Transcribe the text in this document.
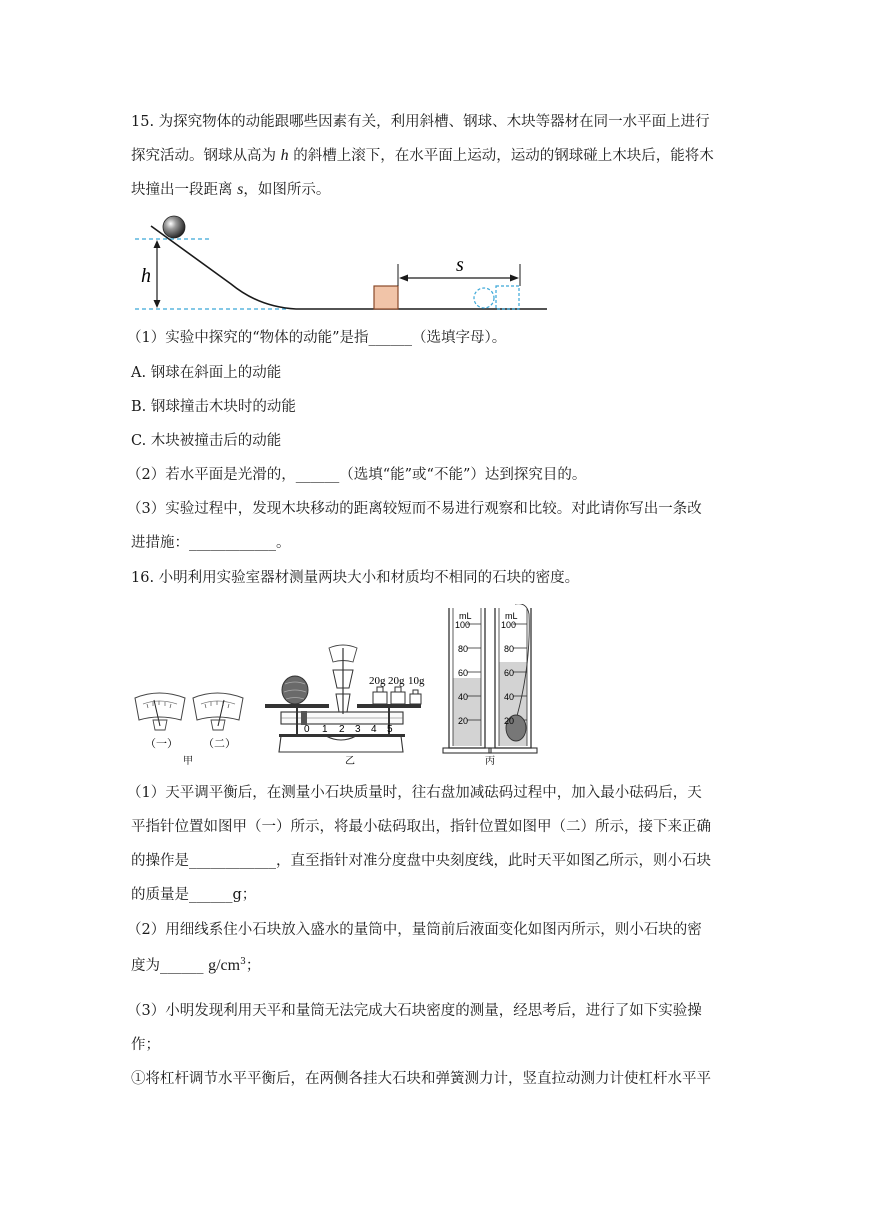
15. 为探究物体的动能跟哪些因素有关，利用斜槽、钢球、木块等器材在同一水平面上进行
探究活动。钢球从高为 h 的斜槽上滚下，在水平面上运动，运动的钢球碰上木块后，能将木
块撞出一段距离 s，如图所示。
h	s
（1）实验中探究的“物体的动能”是指______（选填字母）。
A. 钢球在斜面上的动能
B. 钢球撞击木块时的动能
C. 木块被撞击后的动能
（2）若水平面是光滑的，______（选填“能”或“不能”）达到探究目的。
（3）实验过程中，发现木块移动的距离较短而不易进行观察和比较。对此请你写出一条改
进措施：____________。
16. 小明利用实验室器材测量两块大小和材质均不相同的石块的密度。
（一） （二）
甲
20g 20g 10g
0 1 2 3 4 5
乙
mL
100
80
60
40
20
mL
100
80
60
40
20
丙
（1）天平调平衡后，在测量小石块质量时，往右盘加减砝码过程中，加入最小砝码后，天
平指针位置如图甲（一）所示，将最小砝码取出，指针位置如图甲（二）所示，接下来正确
的操作是____________，直至指针对准分度盘中央刻度线，此时天平如图乙所示，则小石块
的质量是______g；
（2）用细线系住小石块放入盛水的量筒中，量筒前后液面变化如图丙所示，则小石块的密
度为______ $g/cm^3$；
（3）小明发现利用天平和量筒无法完成大石块密度的测量，经思考后，进行了如下实验操
作；
①将杠杆调节水平平衡后，在两侧各挂大石块和弹簧测力计，竖直拉动测力计使杠杆水平平
